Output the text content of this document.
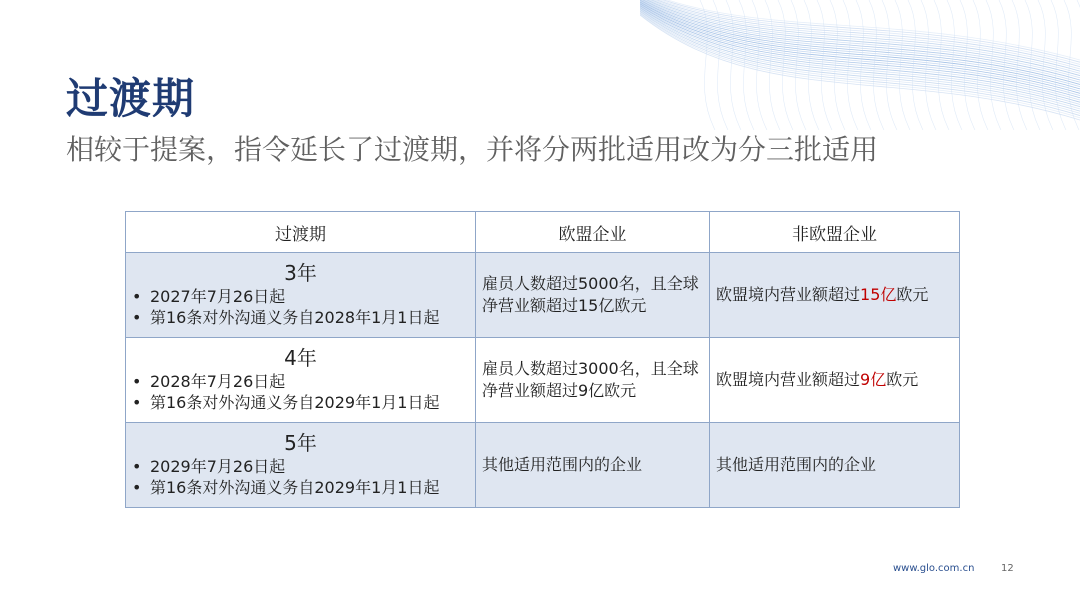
过渡期
相较于提案，指令延长了过渡期，并将分两批适用改为分三批适用
过渡期	欧盟企业	非欧盟企业

3年
• 2027年7月26日起
• 第16条对外沟通义务自2028年1月1日起	雇员人数超过5000名，且全球净营业额超过15亿欧元	欧盟境内营业额超过15亿欧元

4年
• 2028年7月26日起
• 第16条对外沟通义务自2029年1月1日起	雇员人数超过3000名，且全球净营业额超过9亿欧元	欧盟境内营业额超过9亿欧元

5年
• 2029年7月26日起
• 第16条对外沟通义务自2029年1月1日起	其他适用范围内的企业	其他适用范围内的企业
www.glo.com.cn	12
